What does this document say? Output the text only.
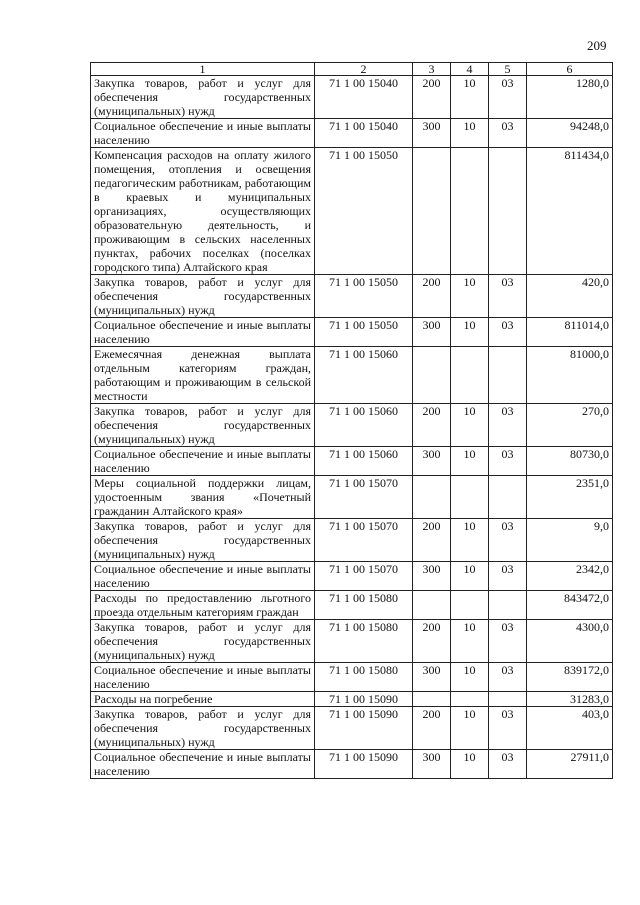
209
1	2	3	4	5	6
Закупка товаров, работ и услуг для обеспечения государственных (муниципальных) нужд	71 1 00 15040	200	10	03	1280,0
Социальное обеспечение и иные выплаты населению	71 1 00 15040	300	10	03	94248,0
Компенсация расходов на оплату жилого помещения, отопления и освещения педагогическим работникам, работающим в краевых и муниципальных организациях, осуществляющих образовательную деятельность, и проживающим в сельских населенных пунктах, рабочих поселках (поселках городского типа) Алтайского края	71 1 00 15050				811434,0
Закупка товаров, работ и услуг для обеспечения государственных (муниципальных) нужд	71 1 00 15050	200	10	03	420,0
Социальное обеспечение и иные выплаты населению	71 1 00 15050	300	10	03	811014,0
Ежемесячная денежная выплата отдельным категориям граждан, работающим и проживающим в сельской местности	71 1 00 15060				81000,0
Закупка товаров, работ и услуг для обеспечения государственных (муниципальных) нужд	71 1 00 15060	200	10	03	270,0
Социальное обеспечение и иные выплаты населению	71 1 00 15060	300	10	03	80730,0
Меры социальной поддержки лицам, удостоенным звания «Почетный гражданин Алтайского края»	71 1 00 15070				2351,0
Закупка товаров, работ и услуг для обеспечения государственных (муниципальных) нужд	71 1 00 15070	200	10	03	9,0
Социальное обеспечение и иные выплаты населению	71 1 00 15070	300	10	03	2342,0
Расходы по предоставлению льготного проезда отдельным категориям граждан	71 1 00 15080				843472,0
Закупка товаров, работ и услуг для обеспечения государственных (муниципальных) нужд	71 1 00 15080	200	10	03	4300,0
Социальное обеспечение и иные выплаты населению	71 1 00 15080	300	10	03	839172,0
Расходы на погребение	71 1 00 15090				31283,0
Закупка товаров, работ и услуг для обеспечения государственных (муниципальных) нужд	71 1 00 15090	200	10	03	403,0
Социальное обеспечение и иные выплаты населению	71 1 00 15090	300	10	03	27911,0
